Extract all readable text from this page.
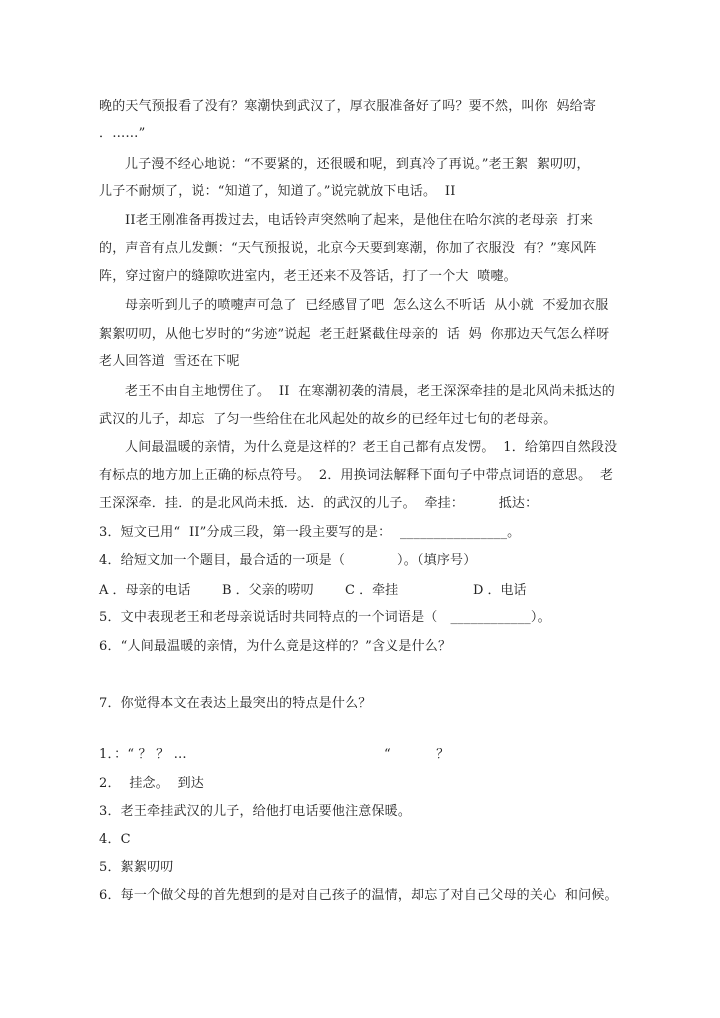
晚的天气预报看了没有？寒潮快到武汉了，厚衣服准备好了吗？要不然，叫你  妈给寄
．……”
儿子漫不经心地说：“不要紧的，还很暖和呢，到真冷了再说。”老王絮  絮叨叨，
儿子不耐烦了，说：“知道了，知道了。”说完就放下电话。  II
II老王刚准备再拨过去，电话铃声突然响了起来，是他住在哈尔滨的老母亲  打来
的，声音有点儿发颤：“天气预报说，北京今天要到寒潮，你加了衣服没  有？”寒风阵
阵，穿过窗户的缝隙吹进室内，老王还来不及答话，打了一个大  喷嚏。
母亲听到儿子的喷嚏声可急了  已经感冒了吧  怎么这么不听话  从小就  不爱加衣服
絮絮叨叨，从他七岁时的“劣迹”说起  老王赶紧截住母亲的  话  妈  你那边天气怎么样呀
老人回答道  雪还在下呢
老王不由自主地愣住了。  II  在寒潮初袭的清晨，老王深深牵挂的是北风尚未抵达的
武汉的儿子，却忘  了匀一些给住在北风起处的故乡的已经年过七旬的老母亲。
人间最温暖的亲情，为什么竟是这样的？老王自己都有点发愣。  1．给第四自然段没
有标点的地方加上正确的标点符号。  2．用换词法解释下面句子中带点词语的意思。  老
王深深牵．挂．的是北风尚未抵．达．的武汉的儿子。  牵挂：        抵达：
3．短文已用“  II”分成三段，第一段主要写的是：  ________________。
4．给短文加一个题目，最合适的一项是（            ）。（填序号）
A ．母亲的电话 B ．父亲的唠叨 C ．牵挂	D ．电话
5．文中表现老王和老母亲说话时共同特点的一个词语是（   ____________）。
6．“人间最温暖的亲情，为什么竟是这样的？”含义是什么？
7．你觉得本文在表达上最突出的特点是什么？
1．：“ ？ ？ …	“           ？
2．  挂念。  到达
3．老王牵挂武汉的儿子，给他打电话要他注意保暖。
4．C
5．絮絮叨叨
6．每一个做父母的首先想到的是对自己孩子的温情，却忘了对自己父母的关心  和问候。
